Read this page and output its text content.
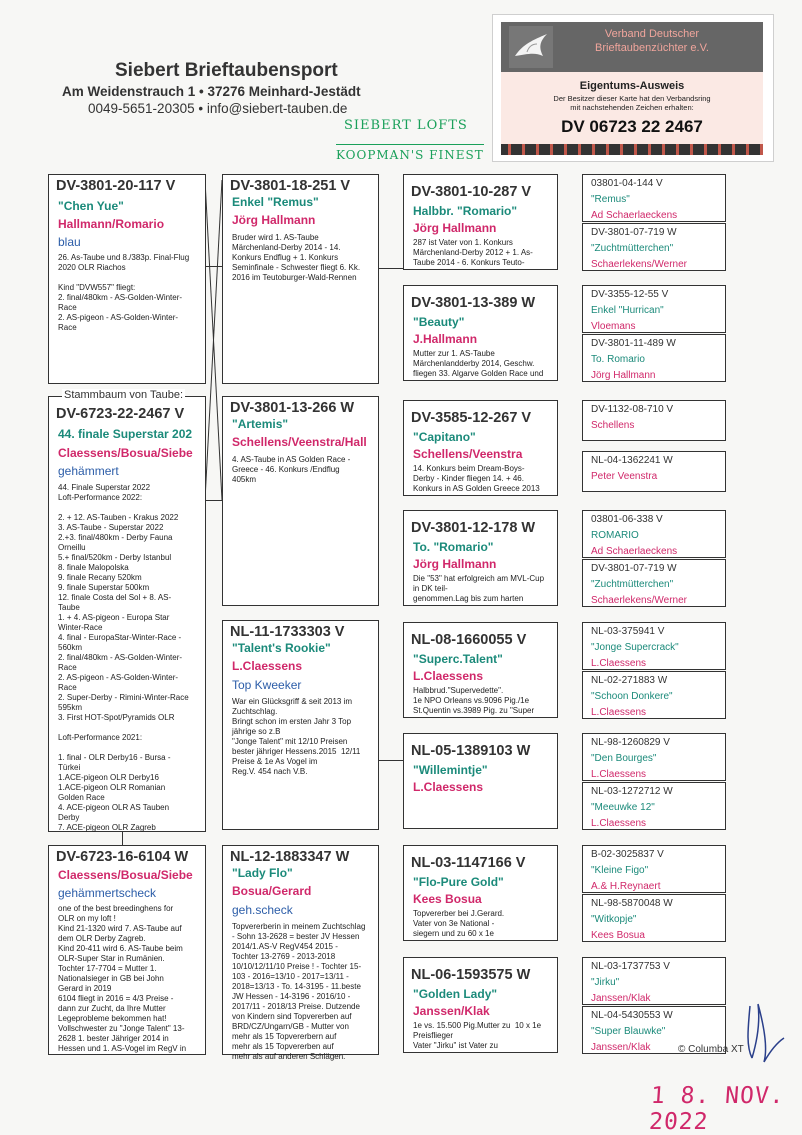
Siebert Brieftaubensport
Am Weidenstrauch 1 • 37276 Meinhard-Jestädt
0049-5651-20305 • info@siebert-tauben.de
SIEBERT LOFTS
KOOPMAN'S FINEST
Verband Deutscher
Brieftaubenzüchter e.V.
Eigentums-Ausweis
Der Besitzer dieser Karte hat den Verbandsring
mit nachstehenden Zeichen erhalten:
DV 06723 22 2467
DV-3801-20-117 V
"Chen Yue"
Hallmann/Romario
blau
26. As-Taube und 8./383p. Final-Flug
2020 OLR Riachos

Kind "DVW557" fliegt:
2. final/480km - AS-Golden-Winter-
Race
2. AS-pigeon - AS-Golden-Winter-
Race
DV-6723-22-2467 V
44. finale Superstar 202
Claessens/Bosua/Siebe
gehämmert
44. Finale Superstar 2022
Loft-Performance 2022:

2. + 12. AS-Tauben - Krakus 2022
3. AS-Taube - Superstar 2022
2.+3. final/480km - Derby Fauna
Orneillu
5.+ final/520km - Derby Istanbul
8. finale Malopolska
9. finale Recany 520km
9. finale Superstar 500km
12. finale Costa del Sol + 8. AS-
Taube
1. + 4. AS-pigeon - Europa Star
Winter-Race
4. final - EuropaStar-Winter-Race -
560km
2. final/480km - AS-Golden-Winter-
Race
2. AS-pigeon - AS-Golden-Winter-
Race
2. Super-Derby - Rimini-Winter-Race
595km
3. First HOT-Spot/Pyramids OLR

Loft-Performance 2021:

1. final - OLR Derby16 - Bursa -
Türkei
1.ACE-pigeon OLR Derby16
1.ACE-pigeon OLR Romanian
Golden Race
4. ACE-pigeon OLR AS Tauben
Derby
7. ACE-pigeon OLR Zagreb
Stammbaum von Taube:
DV-6723-16-6104 W
Claessens/Bosua/Siebe
gehämmertscheck
one of the best breedinghens for
OLR on my loft !
Kind 21-1320 wird 7. AS-Taube auf
dem OLR Derby Zagreb.
Kind 20-411 wird 6. AS-Taube beim
OLR-Super Star in Rumänien.
Tochter 17-7704 = Mutter 1.
Nationalsieger in GB bei John
Gerard in 2019
6104 fliegt in 2016 = 4/3 Preise -
dann zur Zucht, da Ihre Mutter
Legeprobleme bekommen hat!
Vollschwester zu "Jonge Talent" 13-
2628 1. bester Jähriger 2014 in
Hessen und 1. AS-Vogel im RegV in
DV-3801-18-251 V
Enkel "Remus"
Jörg Hallmann
Bruder wird 1. AS-Taube
Märchenland-Derby 2014 - 14.
Konkurs Endflug + 1. Konkurs
Seminfinale - Schwester fliegt 6. Kk.
2016 im Teutoburger-Wald-Rennen
DV-3801-13-266 W
"Artemis"
Schellens/Veenstra/Hall
4. AS-Taube in AS Golden Race -
Greece - 46. Konkurs /Endflug
405km
NL-11-1733303 V
"Talent's Rookie"
L.Claessens
Top Kweeker
War ein Glücksgriff & seit 2013 im
Zuchtschlag.
Bringt schon im ersten Jahr 3 Top
jährige so z.B
"Jonge Talent" mit 12/10 Preisen
bester jähriger Hessens.2015  12/11
Preise & 1e As Vogel im
Reg.V. 454 nach V.B.
NL-12-1883347 W
"Lady Flo"
Bosua/Gerard
geh.scheck
Topvererberin in meinem Zuchtschlag
- Sohn 13-2628 = bester JV Hessen
2014/1.AS-V RegV454 2015 -
Tochter 13-2769 - 2013-2018
10/10/12/11/10 Preise ! - Tochter 15-
103 - 2016=13/10 - 2017=13/11 -
2018=13/13 - To. 14-3195 - 11.beste
JW Hessen - 14-3196 - 2016/10 -
2017/11 - 2018/13 Preise. Dutzende
von Kindern sind Topvererben auf
BRD/CZ/Ungarn/GB - Mutter von
mehr als 15 Topvererbern auf
mehr als 15 Topvererben auf
mehr als auf anderen Schlägen.
DV-3801-10-287 V
Halbbr. "Romario"
Jörg Hallmann
287 ist Vater von 1. Konkurs
Märchenland-Derby 2012 + 1. As-
Taube 2014 - 6. Konkurs Teuto-
DV-3801-13-389 W
"Beauty"
J.Hallmann
Mutter zur 1. AS-Taube
Märchenlandderby 2014, Geschw.
fliegen 33. Algarve Golden Race und
DV-3585-12-267 V
"Capitano"
Schellens/Veenstra
14. Konkurs beim Dream-Boys-
Derby - Kinder fliegen 14. + 46.
Konkurs in AS Golden Greece 2013
DV-3801-12-178 W
To. "Romario"
Jörg Hallmann
Die "53" hat erfolgreich am MVL-Cup
in DK teil-
genommen.Lag bis zum harten
NL-08-1660055 V
"Superc.Talent"
L.Claessens
Halbbrud."Supervedette".
1e NPO Orleans vs.9096 Pig./1e
St.Quentin vs.3989 Pig. zu "Super
NL-05-1389103 W
"Willemintje"
L.Claessens
NL-03-1147166 V
"Flo-Pure Gold"
Kees Bosua
Topvererber bei J.Gerard.
Vater von 3e National -
siegern und zu 60 x 1e
NL-06-1593575 W
"Golden Lady"
Janssen/Klak
1e vs. 15.500 Pig.Mutter zu  10 x 1e
Preisflieger
Vater "Jirku" ist Vater zu
03801-04-144 V
"Remus"
Ad Schaerlaeckens
DV-3801-07-719 W
"Zuchtmütterchen"
Schaerlekens/Werner
DV-3355-12-55 V
Enkel "Hurrican"
Vloemans
DV-3801-11-489 W
To. Romario
Jörg Hallmann
DV-1132-08-710 V
Schellens
NL-04-1362241 W
Peter Veenstra
03801-06-338 V
ROMARIO
Ad Schaerlaeckens
DV-3801-07-719 W
"Zuchtmütterchen"
Schaerlekens/Werner
NL-03-375941 V
"Jonge Supercrack"
L.Claessens
NL-02-271883 W
"Schoon Donkere"
L.Claessens
NL-98-1260829 V
"Den Bourges"
L.Claessens
NL-03-1272712 W
"Meeuwke 12"
L.Claessens
B-02-3025837 V
"Kleine Figo"
A.& H.Reynaert
NL-98-5870048 W
"Witkopje"
Kees Bosua
NL-03-1737753 V
"Jirku"
Janssen/Klak
NL-04-5430553 W
"Super Blauwke"
Janssen/Klak	© Columba XT
1 8. NOV. 2022
